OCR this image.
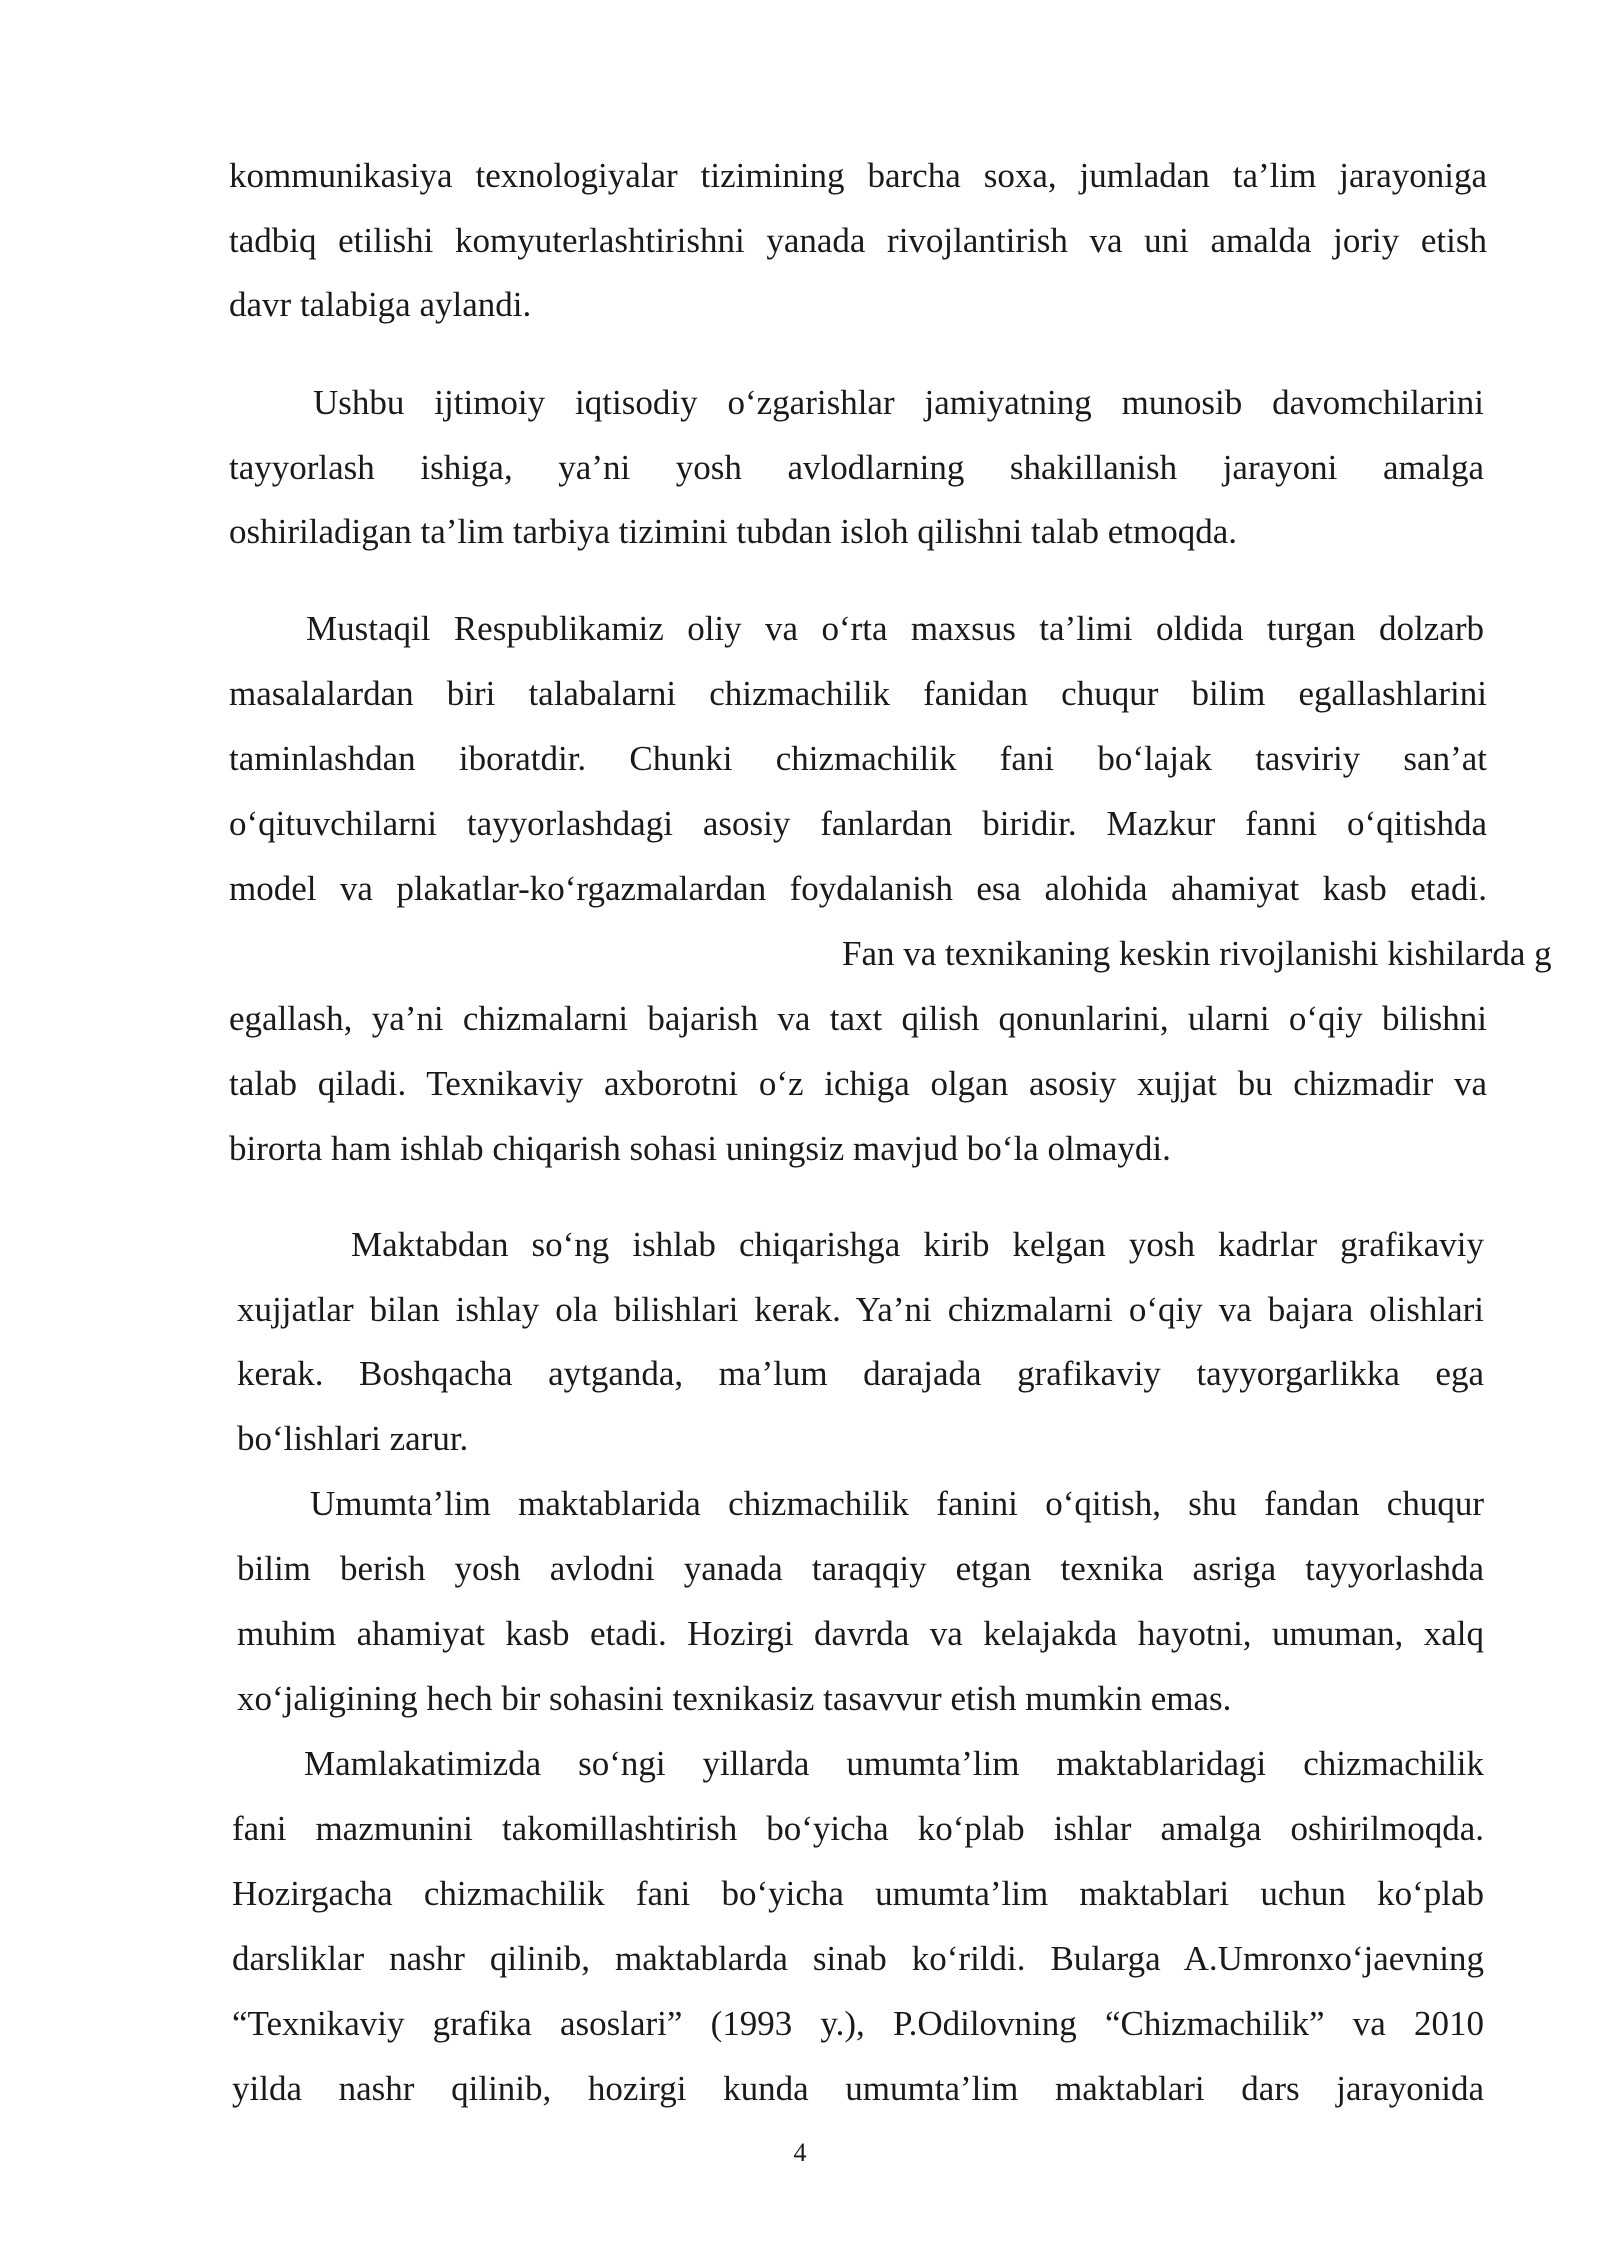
kommunikasiya texnologiyalar tizimining barcha soxa, jumladan ta’lim jarayoniga

tadbiq etilishi komyuterlashtirishni yanada rivojlantirish va uni amalda joriy etish

davr talabiga aylandi.

Ushbu ijtimoiy iqtisodiy o‘zgarishlar jamiyatning munosib davomchilarini

tayyorlash ishiga, ya’ni yosh avlodlarning shakillanish jarayoni amalga

oshiriladigan ta’lim tarbiya tizimini tubdan isloh qilishni talab etmoqda.

Mustaqil Respublikamiz oliy va o‘rta maxsus ta’limi oldida turgan dolzarb

masalalardan biri talabalarni chizmachilik fanidan chuqur bilim egallashlarini

taminlashdan iboratdir. Chunki chizmachilik fani bo‘lajak tasviriy san’at

o‘qituvchilarni tayyorlashdagi asosiy fanlardan biridir. Mazkur fanni o‘qitishda

model va plakatlar-ko‘rgazmalardan foydalanish esa alohida ahamiyat kasb etadi.

Fan va texnikaning keskin rivojlanishi kishilarda g

egallash, ya’ni chizmalarni bajarish va taxt qilish qonunlarini, ularni o‘qiy bilishni

talab qiladi. Texnikaviy axborotni o‘z ichiga olgan asosiy xujjat bu chizmadir va

birorta ham ishlab chiqarish sohasi uningsiz mavjud bo‘la olmaydi.

Maktabdan so‘ng ishlab chiqarishga kirib kelgan yosh kadrlar grafikaviy

xujjatlar bilan ishlay ola bilishlari kerak. Ya’ni chizmalarni o‘qiy va bajara olishlari

kerak. Boshqacha aytganda, ma’lum darajada grafikaviy tayyorgarlikka ega

bo‘lishlari zarur.

Umumta’lim maktablarida chizmachilik fanini o‘qitish, shu fandan chuqur

bilim berish yosh avlodni yanada taraqqiy etgan texnika asriga tayyorlashda

muhim ahamiyat kasb etadi. Hozirgi davrda va kelajakda hayotni, umuman, xalq

xo‘jaligining hech bir sohasini texnikasiz tasavvur etish mumkin emas.

Mamlakatimizda so‘ngi yillarda umumta’lim maktablaridagi chizmachilik

fani mazmunini takomillashtirish bo‘yicha ko‘plab ishlar amalga oshirilmoqda.

Hozirgacha chizmachilik fani bo‘yicha umumta’lim maktablari uchun ko‘plab

darsliklar nashr qilinib, maktablarda sinab ko‘rildi. Bularga A.Umronxo‘jaevning

“Texnikaviy grafika asoslari” (1993 y.), P.Odilovning “Chizmachilik” va 2010

yilda nashr qilinib, hozirgi kunda umumta’lim maktablari dars jarayonida

4
